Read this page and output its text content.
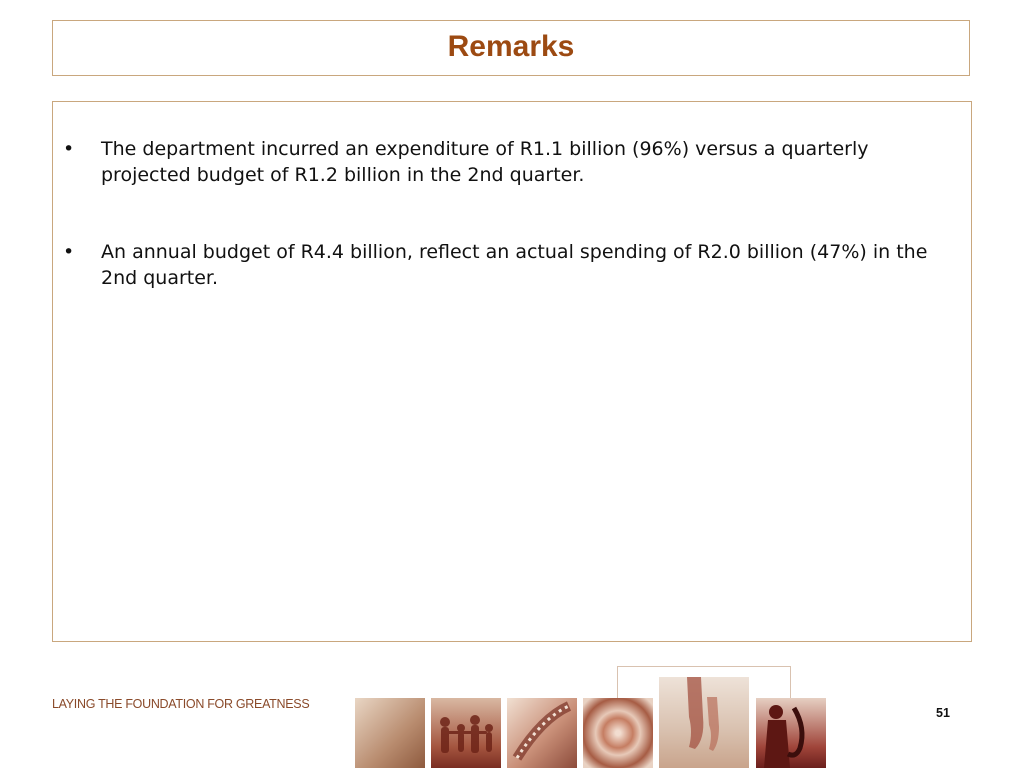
Remarks
• The department incurred an expenditure of R1.1 billion (96%) versus a quarterly projected budget of R1.2 billion in the 2nd quarter.
• An annual budget of R4.4 billion, reflect an actual spending of R2.0 billion (47%) in the 2nd quarter.
LAYING THE FOUNDATION FOR GREATNESS
51
